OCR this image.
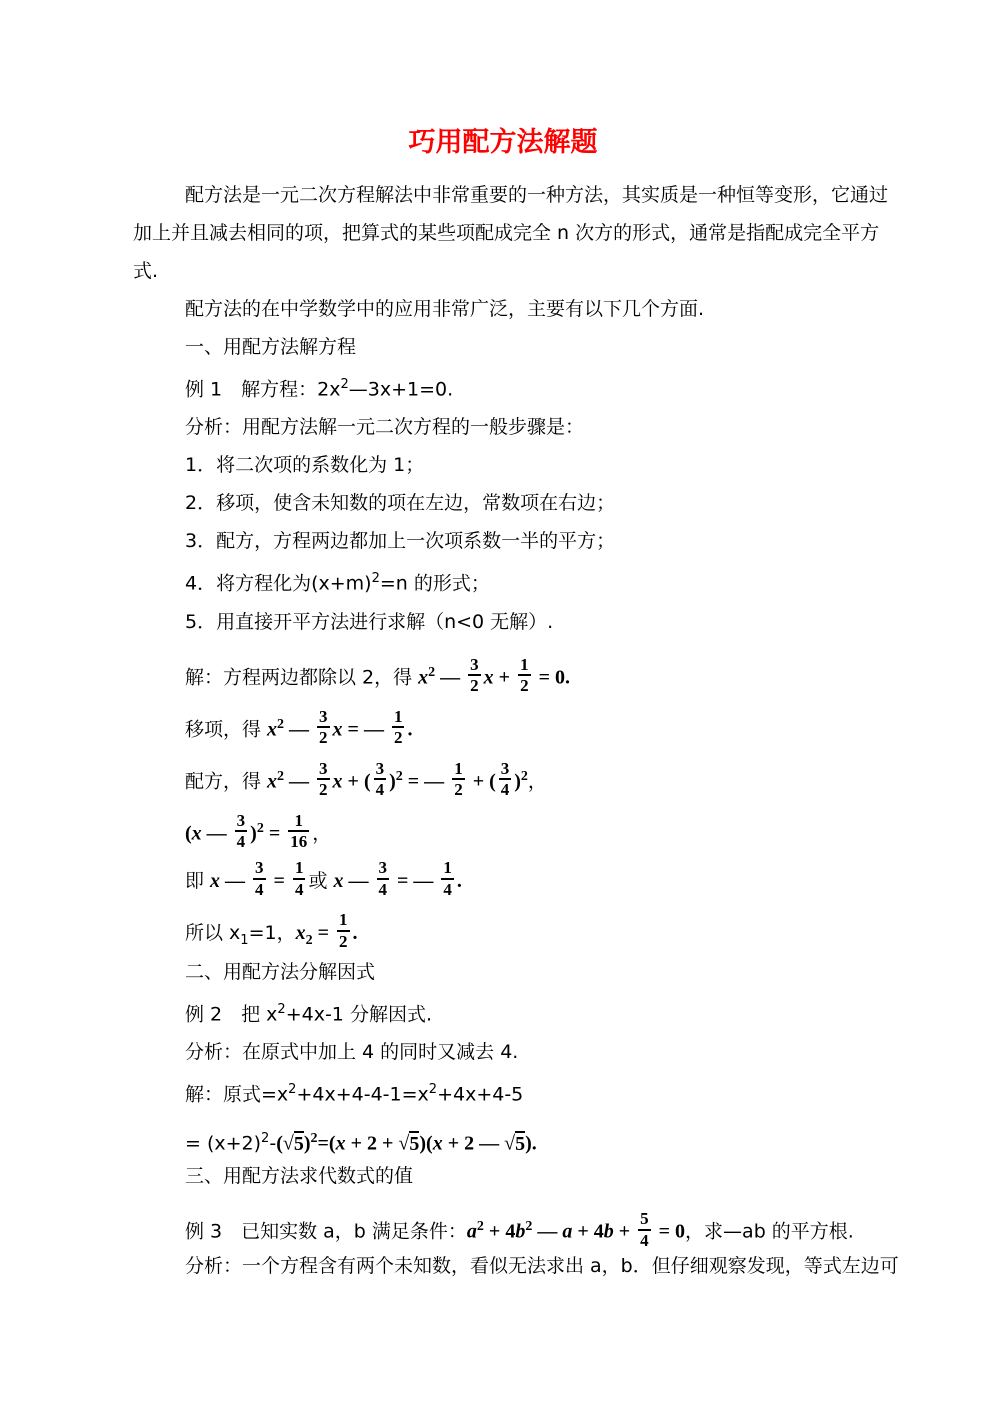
巧用配方法解题
配方法是一元二次方程解法中非常重要的一种方法，其实质是一种恒等变形，它通过
加上并且减去相同的项，把算式的某些项配成完全 n 次方的形式，通常是指配成完全平方
式.
配方法的在中学数学中的应用非常广泛，主要有以下几个方面.
一、用配方法解方程
例 1　解方程：$2x^2—3x+1=0$.
分析：用配方法解一元二次方程的一般步骤是：
1．将二次项的系数化为 1；
2．移项，使含未知数的项在左边，常数项在右边；
3．配方，方程两边都加上一次项系数一半的平方；
4．将方程化为$(x+m)^2=n$ 的形式；
5．用直接开平方法进行求解（n<0 无解）.
解：方程两边都除以 2，得 $x^2$ — $\frac{3}{2}$ $x + \frac{1}{2} = 0$.
移项，得 $x^2$ — $\frac{3}{2}$ x = — $\frac{1}{2}$ .
配方，得 $x^2$ — $\frac{3}{2}$ x + ( $\frac{3}{4} )^2$ = — $\frac{1}{2}$ + ( $\frac{3}{4} )^2$，
(x — $\frac{3}{4} )^2 = \frac{1}{16}$ ，
即 x — $\frac{3}{4} = \frac{1}{4}$ 或 x — $\frac{3}{4}$ = — $\frac{1}{4}$ .
所以 $x_1=1$，$x_2 = \frac{1}{2}$ .
二、用配方法分解因式
例 2　把 $x^2+4x-1$ 分解因式.
分析：在原式中加上 4 的同时又减去 4.
解：原式$=x^2+4x+4-4-1=x^2+4x+4-5$
= $(x+2)^2-(√5)^2=(x + 2 + √5)(x + 2$ — √5).
三、用配方法求代数式的值
例 3　已知实数 a，b 满足条件：$a^2 + 4b^2$ — $a + 4b + \frac{5}{4} = 0$，求—ab 的平方根.
分析：一个方程含有两个未知数，看似无法求出 a，b．但仔细观察发现，等式左边可
